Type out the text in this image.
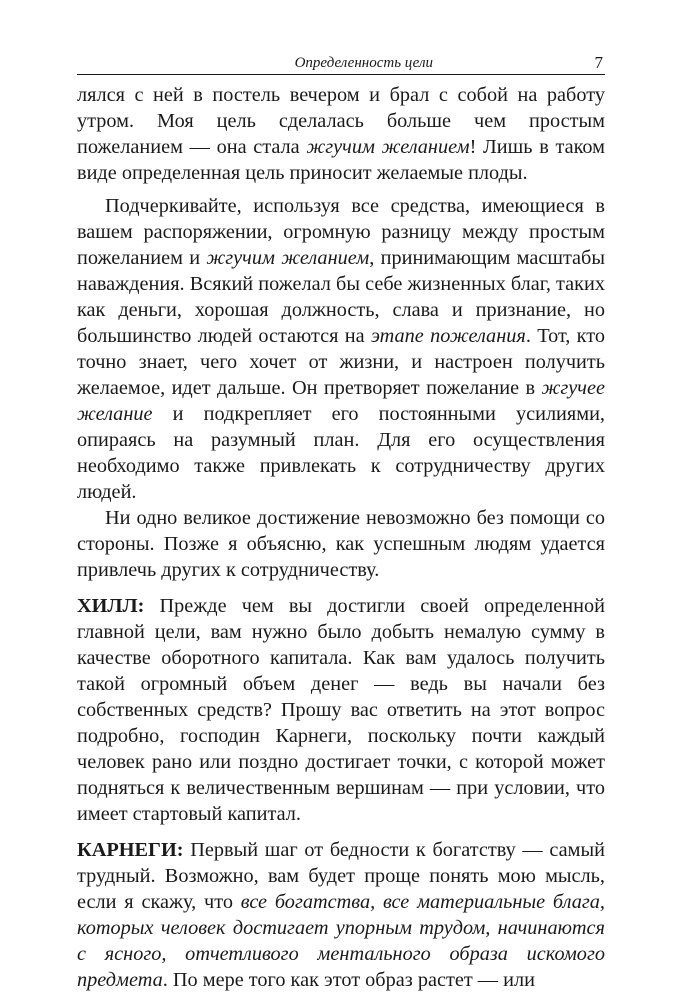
Определенность цели	7

лялся с ней в постель вечером и брал с собой на работу утром. Моя цель сделалась больше чем простым пожеланием — она стала жгучим желанием! Лишь в таком виде определенная цель приносит желаемые плоды.

Подчеркивайте, используя все средства, имеющиеся в вашем распоряжении, огромную разницу между простым пожеланием и жгучим желанием, принимающим масштабы наваждения. Всякий пожелал бы себе жизненных благ, таких как деньги, хорошая должность, слава и признание, но большинство людей остаются на этапе пожелания. Тот, кто точно знает, чего хочет от жизни, и настроен получить желаемое, идет дальше. Он претворяет пожелание в жгучее желание и подкрепляет его постоянными усилиями, опираясь на разумный план. Для его осуществления необходимо также привлекать к сотрудничеству других людей.

Ни одно великое достижение невозможно без помощи со стороны. Позже я объясню, как успешным людям удается привлечь других к сотрудничеству.

ХИЛЛ: Прежде чем вы достигли своей определенной главной цели, вам нужно было добыть немалую сумму в качестве оборотного капитала. Как вам удалось получить такой огромный объем денег — ведь вы начали без собственных средств? Прошу вас ответить на этот вопрос подробно, господин Карнеги, поскольку почти каждый человек рано или поздно достигает точки, с которой может подняться к величественным вершинам — при условии, что имеет стартовый капитал.

КАРНЕГИ: Первый шаг от бедности к богатству — самый трудный. Возможно, вам будет проще понять мою мысль, если я скажу, что все богатства, все материальные блага, которых человек достигает упорным трудом, начинаются с ясного, отчетливого ментального образа искомого предмета. По мере того как этот образ растет — или
